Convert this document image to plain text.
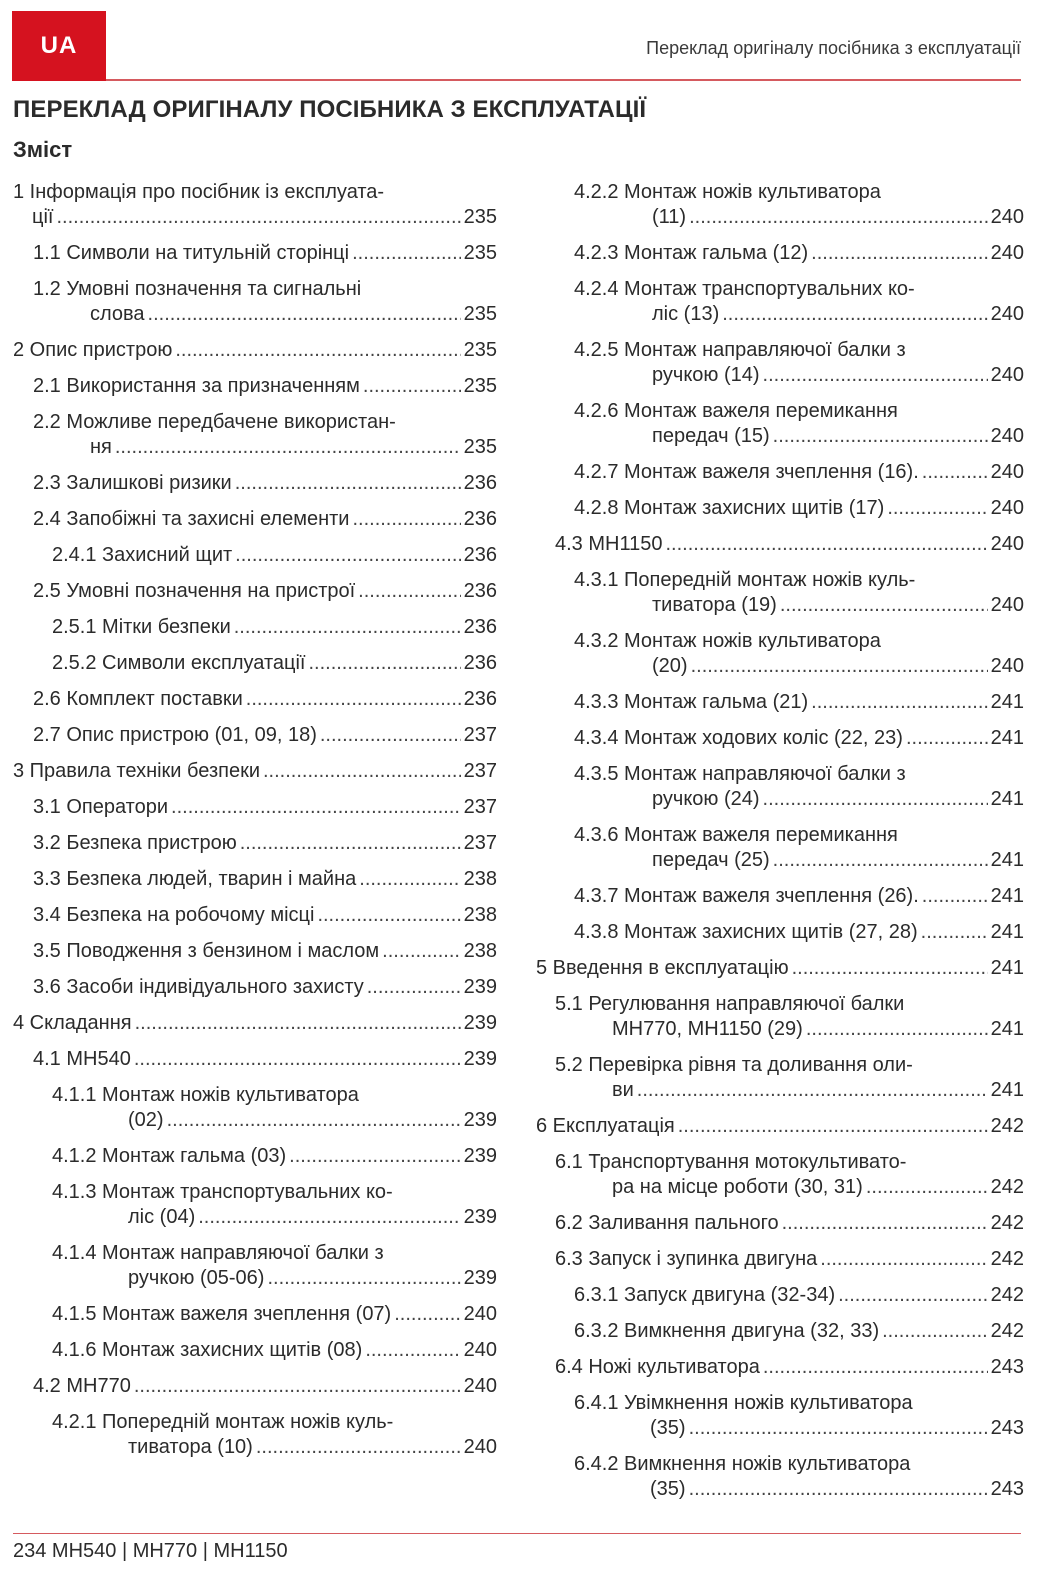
UA	Переклад оригіналу посібника з експлуатації
ПЕРЕКЛАД ОРИГІНАЛУ ПОСІБНИКА З ЕКСПЛУАТАЦІЇ
Зміст
1 Інформація про посібник із експлуата-
ції .....	235
1.1 Символи на титульній сторінці .....	235
1.2 Умовні позначення та сигнальні
слова .....	235
2 Опис пристрою .....	235
2.1 Використання за призначенням .....	235
2.2 Можливе передбачене використан-
ня .....	235
2.3 Залишкові ризики .....	236
2.4 Запобіжні та захисні елементи .....	236
2.4.1 Захисний щит .....	236
2.5 Умовні позначення на пристрої .....	236
2.5.1 Мітки безпеки .....	236
2.5.2 Символи експлуатації .....	236
2.6 Комплект поставки .....	236
2.7 Опис пристрою (01, 09, 18) .....	237
3 Правила техніки безпеки .....	237
3.1 Оператори .....	237
3.2 Безпека пристрою .....	237
3.3 Безпека людей, тварин і майна .....	238
3.4 Безпека на робочому місці .....	238
3.5 Поводження з бензином і маслом .....	238
3.6 Засоби індивідуального захисту .....	239
4 Складання .....	239
4.1 MH540 .....	239
4.1.1 Монтаж ножів культиватора
(02) .....	239
4.1.2 Монтаж гальма (03) .....	239
4.1.3 Монтаж транспортувальних ко-
ліс (04) .....	239
4.1.4 Монтаж направляючої балки з
ручкою (05-06) .....	239
4.1.5 Монтаж важеля зчеплення (07) .....	240
4.1.6 Монтаж захисних щитів (08) .....	240
4.2 MH770 .....	240
4.2.1 Попередній монтаж ножів куль-
тиватора (10) .....	240
4.2.2 Монтаж ножів культиватора
(11) .....	240
4.2.3 Монтаж гальма (12) .....	240
4.2.4 Монтаж транспортувальних ко-
ліс (13) .....	240
4.2.5 Монтаж направляючої балки з
ручкою (14) .....	240
4.2.6 Монтаж важеля перемикання
передач (15) .....	240
4.2.7 Монтаж важеля зчеплення (16). .....	240
4.2.8 Монтаж захисних щитів (17) .....	240
4.3 MH1150 .....	240
4.3.1 Попередній монтаж ножів куль-
тиватора (19) .....	240
4.3.2 Монтаж ножів культиватора
(20) .....	240
4.3.3 Монтаж гальма (21) .....	241
4.3.4 Монтаж ходових коліс (22, 23) .....	241
4.3.5 Монтаж направляючої балки з
ручкою (24) .....	241
4.3.6 Монтаж важеля перемикання
передач (25) .....	241
4.3.7 Монтаж важеля зчеплення (26). .....	241
4.3.8 Монтаж захисних щитів (27, 28) .....	241
5 Введення в експлуатацію .....	241
5.1 Регулювання направляючої балки
MH770, MH1150 (29) .....	241
5.2 Перевірка рівня та доливання оли-
ви .....	241
6 Експлуатація .....	242
6.1 Транспортування мотокультивато-
ра на місце роботи (30, 31) .....	242
6.2 Заливання пального .....	242
6.3 Запуск і зупинка двигуна .....	242
6.3.1 Запуск двигуна (32-34) .....	242
6.3.2 Вимкнення двигуна (32, 33) .....	242
6.4 Ножі культиватора .....	243
6.4.1 Увімкнення ножів культиватора
(35) .....	243
6.4.2 Вимкнення ножів культиватора
(35) .....	243
234 MH540 | MH770 | MH1150
